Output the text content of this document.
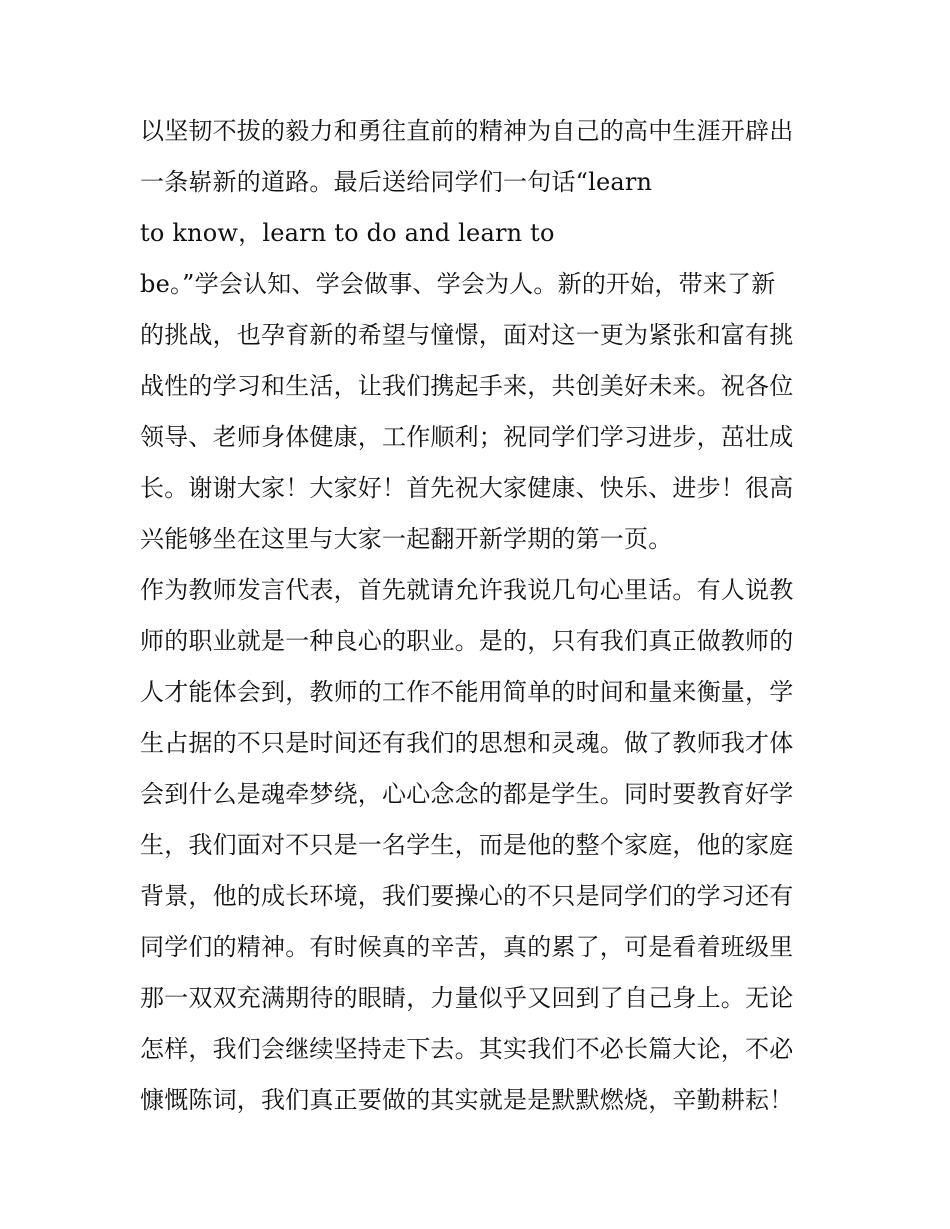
以坚韧不拔的毅力和勇往直前的精神为自己的高中生涯开辟出
一条崭新的道路。最后送给同学们一句话“learn
to know，learn to do and learn to
be。”学会认知、学会做事、学会为人。新的开始，带来了新
的挑战，也孕育新的希望与憧憬，面对这一更为紧张和富有挑
战性的学习和生活，让我们携起手来，共创美好未来。祝各位
领导、老师身体健康，工作顺利；祝同学们学习进步，茁壮成
长。谢谢大家！大家好！首先祝大家健康、快乐、进步！很高
兴能够坐在这里与大家一起翻开新学期的第一页。
作为教师发言代表，首先就请允许我说几句心里话。有人说教
师的职业就是一种良心的职业。是的，只有我们真正做教师的
人才能体会到，教师的工作不能用简单的时间和量来衡量，学
生占据的不只是时间还有我们的思想和灵魂。做了教师我才体
会到什么是魂牵梦绕，心心念念的都是学生。同时要教育好学
生，我们面对不只是一名学生，而是他的整个家庭，他的家庭
背景，他的成长环境，我们要操心的不只是同学们的学习还有
同学们的精神。有时候真的辛苦，真的累了，可是看着班级里
那一双双充满期待的眼睛，力量似乎又回到了自己身上。无论
怎样，我们会继续坚持走下去。其实我们不必长篇大论，不必
慷慨陈词，我们真正要做的其实就是是默默燃烧，辛勤耕耘！
